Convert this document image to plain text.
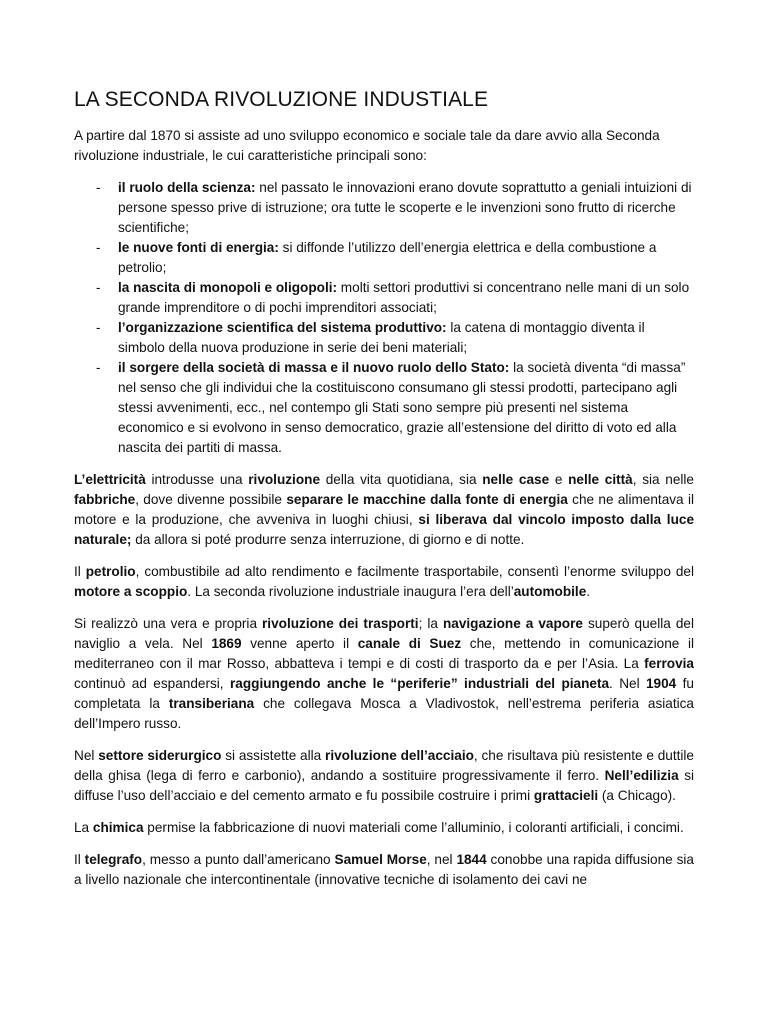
LA SECONDA RIVOLUZIONE INDUSTIALE

A partire dal 1870 si assiste ad uno sviluppo economico e sociale tale da dare avvio alla Seconda rivoluzione industriale, le cui caratteristiche principali sono:

- il ruolo della scienza: nel passato le innovazioni erano dovute soprattutto a geniali intuizioni di persone spesso prive di istruzione; ora tutte le scoperte e le invenzioni sono frutto di ricerche scientifiche;
- le nuove fonti di energia: si diffonde l’utilizzo dell’energia elettrica e della combustione a petrolio;
- la nascita di monopoli e oligopoli: molti settori produttivi si concentrano nelle mani di un solo grande imprenditore o di pochi imprenditori associati;
- l’organizzazione scientifica del sistema produttivo: la catena di montaggio diventa il simbolo della nuova produzione in serie dei beni materiali;
- il sorgere della società di massa e il nuovo ruolo dello Stato: la società diventa “di massa” nel senso che gli individui che la costituiscono consumano gli stessi prodotti, partecipano agli stessi avvenimenti, ecc., nel contempo gli Stati sono sempre più presenti nel sistema economico e si evolvono in senso democratico, grazie all’estensione del diritto di voto ed alla nascita dei partiti di massa.

L’elettricità introdusse una rivoluzione della vita quotidiana, sia nelle case e nelle città, sia nelle fabbriche, dove divenne possibile separare le macchine dalla fonte di energia che ne alimentava il motore e la produzione, che avveniva in luoghi chiusi, si liberava dal vincolo imposto dalla luce naturale; da allora si poté produrre senza interruzione, di giorno e di notte.

Il petrolio, combustibile ad alto rendimento e facilmente trasportabile, consentì l’enorme sviluppo del motore a scoppio. La seconda rivoluzione industriale inaugura l’era dell’automobile.

Si realizzò una vera e propria rivoluzione dei trasporti; la navigazione a vapore superò quella del naviglio a vela. Nel 1869 venne aperto il canale di Suez che, mettendo in comunicazione il mediterraneo con il mar Rosso, abbatteva i tempi e di costi di trasporto da e per l’Asia. La ferrovia continuò ad espandersi, raggiungendo anche le “periferie” industriali del pianeta. Nel 1904 fu completata la transiberiana che collegava Mosca a Vladivostok, nell’estrema periferia asiatica dell’Impero russo.

Nel settore siderurgico si assistette alla rivoluzione dell’acciaio, che risultava più resistente e duttile della ghisa (lega di ferro e carbonio), andando a sostituire progressivamente il ferro. Nell’edilizia si diffuse l’uso dell’acciaio e del cemento armato e fu possibile costruire i primi grattacieli (a Chicago).

La chimica permise la fabbricazione di nuovi materiali come l’alluminio, i coloranti artificiali, i concimi.

Il telegrafo, messo a punto dall’americano Samuel Morse, nel 1844 conobbe una rapida diffusione sia a livello nazionale che intercontinentale (innovative tecniche di isolamento dei cavi ne
